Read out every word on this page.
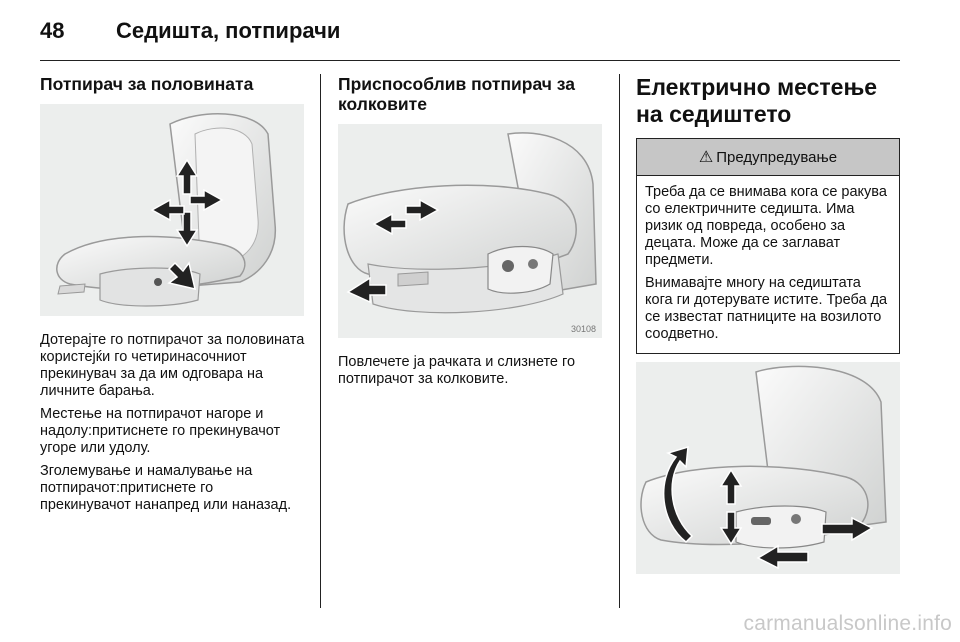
48 Седишта, потпирачи
Потпирач за половината

Дотерајте го потпирачот за половината користејќи го четиринасочниот прекинувач за да им одговара на личните барања.

Местење на потпирачот нагоре и надолу:притиснете го прекинувачот угоре или удолу.

Зголемување и намалување на потпирачот:притиснете го прекинувачот нанапред или наназад.

Приспособлив потпирач за колковите
30108

Повлечете ја рачката и слизнете го потпирачот за колковите.

Електрично местење на седиштето
⚠ Предупредување

Треба да се внимава кога се ракува со електричните седишта. Има ризик од повреда, особено за децата. Може да се заглават предмети.

Внимавајте многу на седиштата кога ги дотерувате истите. Треба да се известат патниците на возилото соодветно.

carmanualsonline.info
